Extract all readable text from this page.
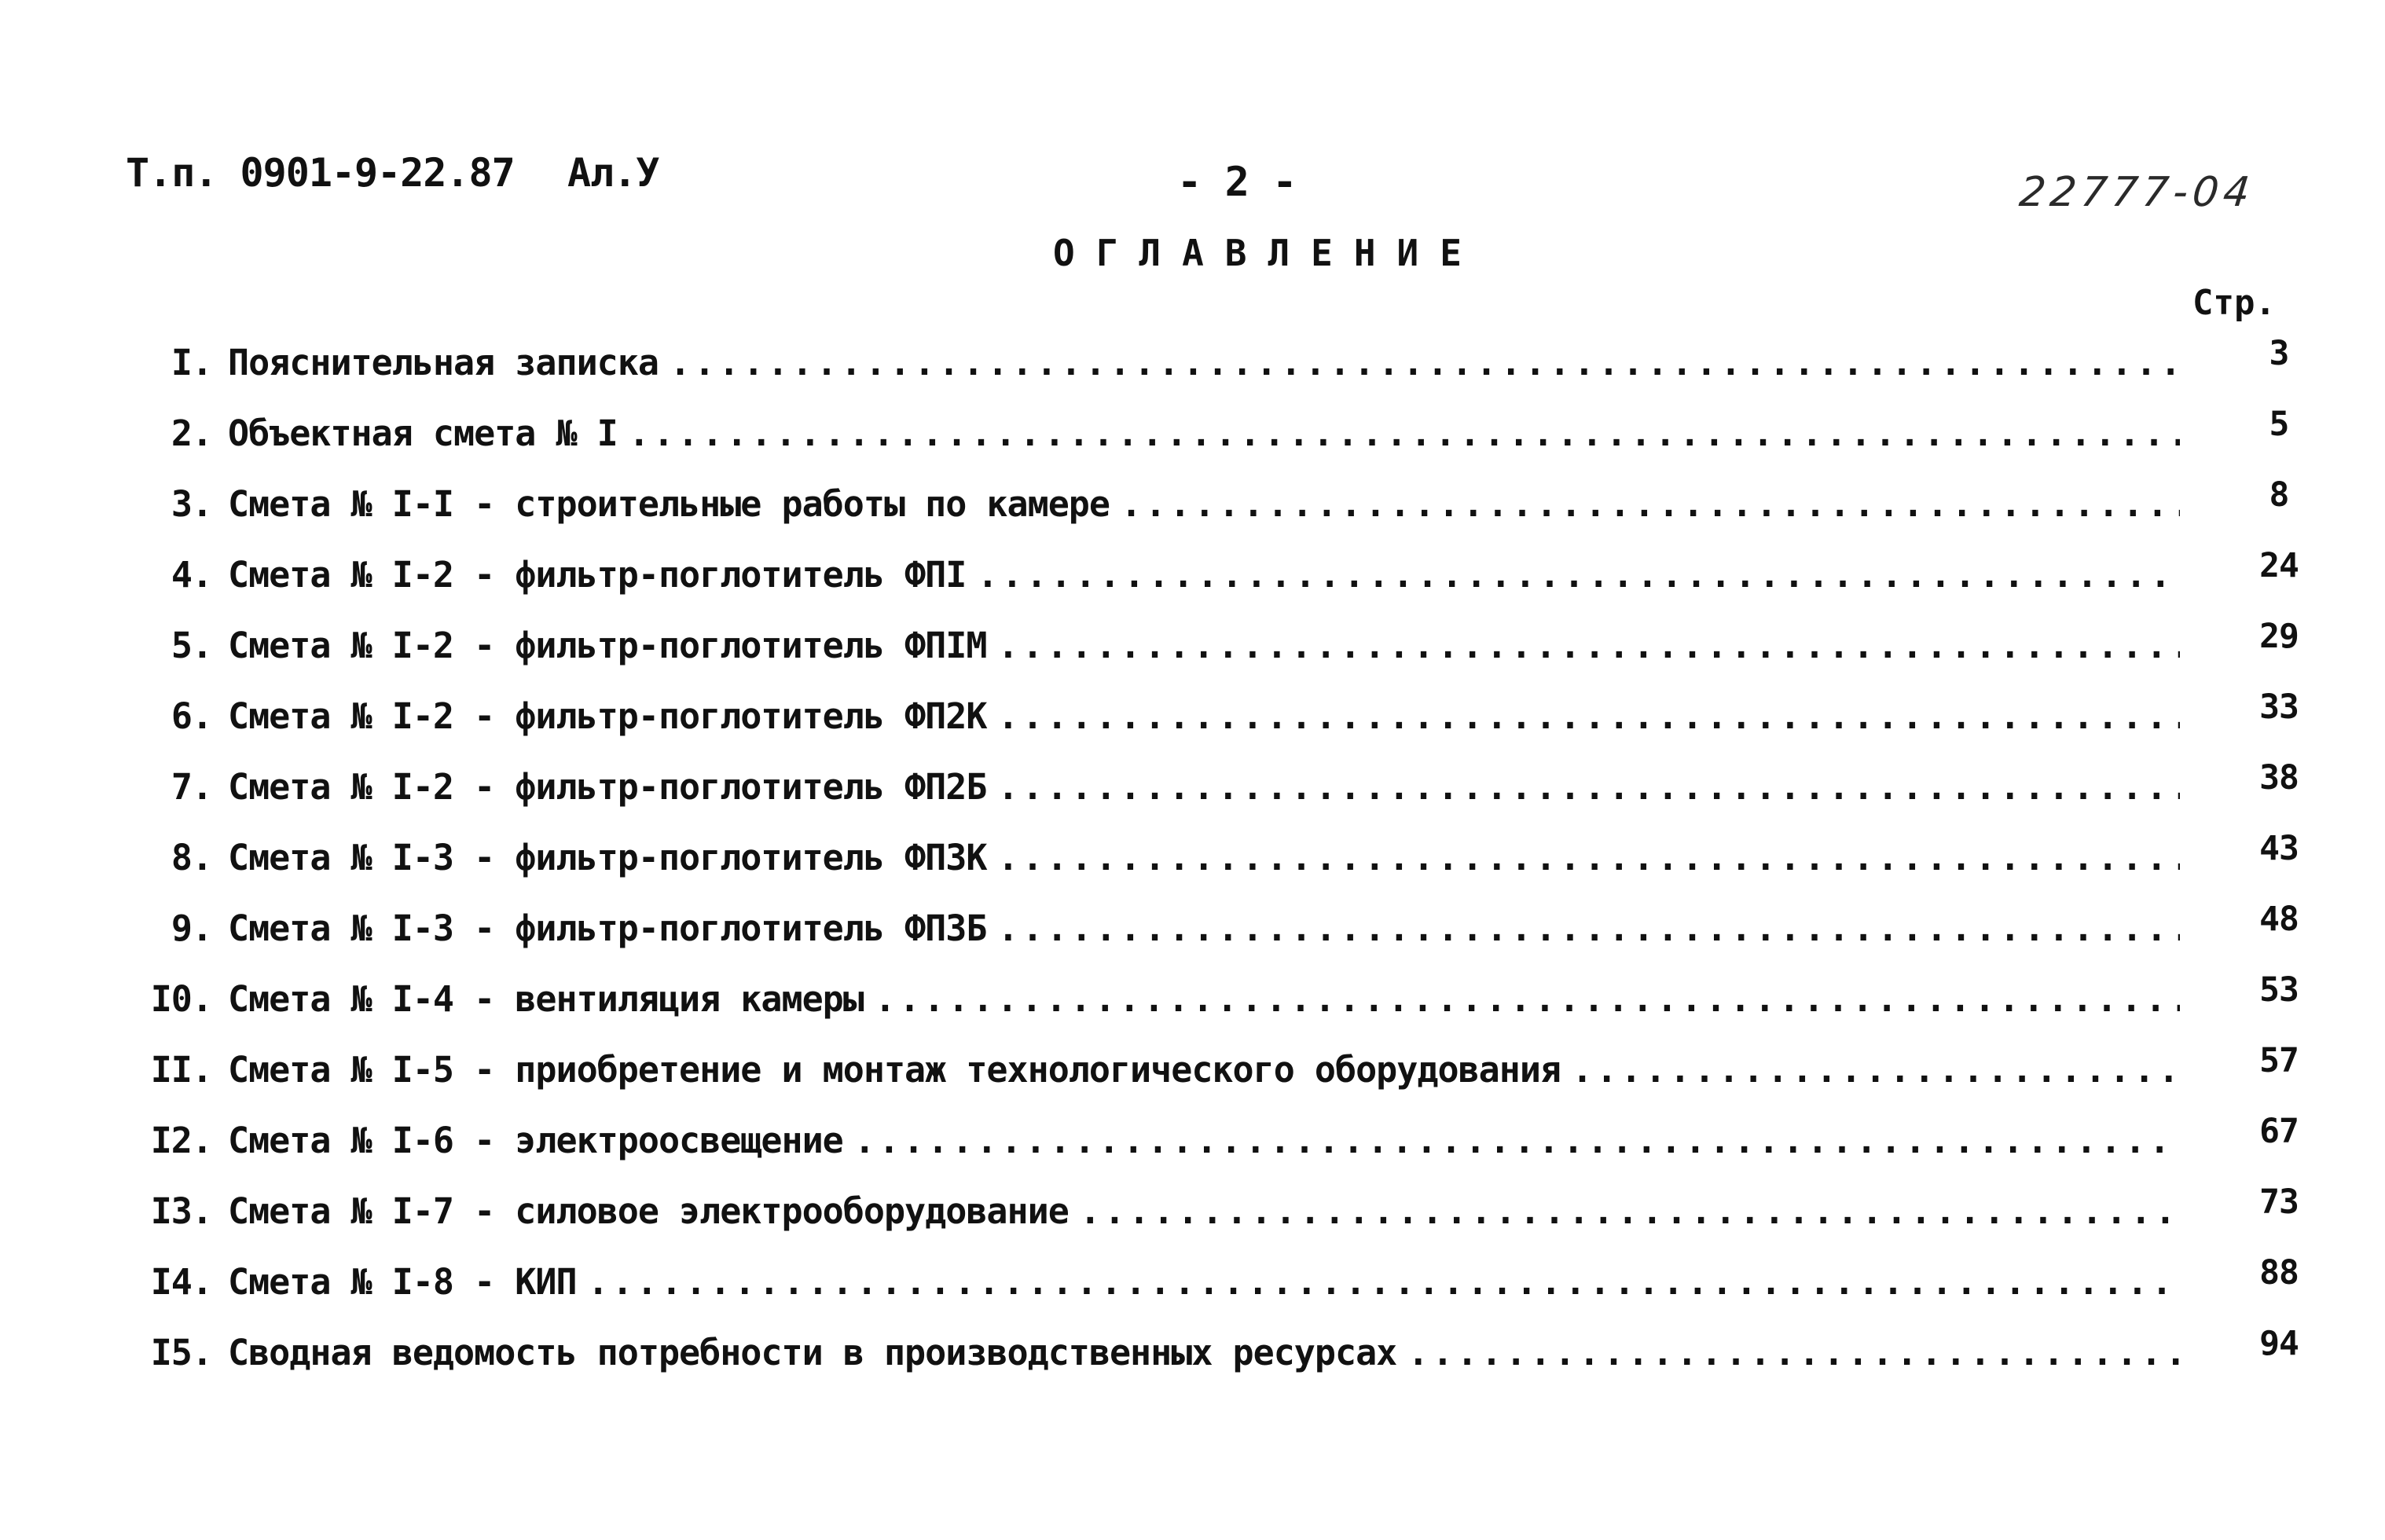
Т.п. 0901-9-22.87 Ал.У	- 2 -	22777-04
ОГЛАВЛЕНИЕ
Стр.
I. Пояснительная записка .....	3
2. Объектная смета № I .....	5
3. Смета № I-I - строительные работы по камере .....	8
4. Смета № I-2 - фильтр-поглотитель ФПI .....	24
5. Смета № I-2 - фильтр-поглотитель ФПIМ .....	29
6. Смета № I-2 - фильтр-поглотитель ФП2К .....	33
7. Смета № I-2 - фильтр-поглотитель ФП2Б .....	38
8. Смета № I-3 - фильтр-поглотитель ФП3К .....	43
9. Смета № I-3 - фильтр-поглотитель ФП3Б .....	48
I0. Смета № I-4 - вентиляция камеры .....	53
II. Смета № I-5 - приобретение и монтаж технологического оборудования .....	57
I2. Смета № I-6 - электроосвещение .....	67
I3. Смета № I-7 - силовое электрооборудование .....	73
I4. Смета № I-8 - КИП .....	88
I5. Сводная ведомость потребности в производственных ресурсах .....	94
